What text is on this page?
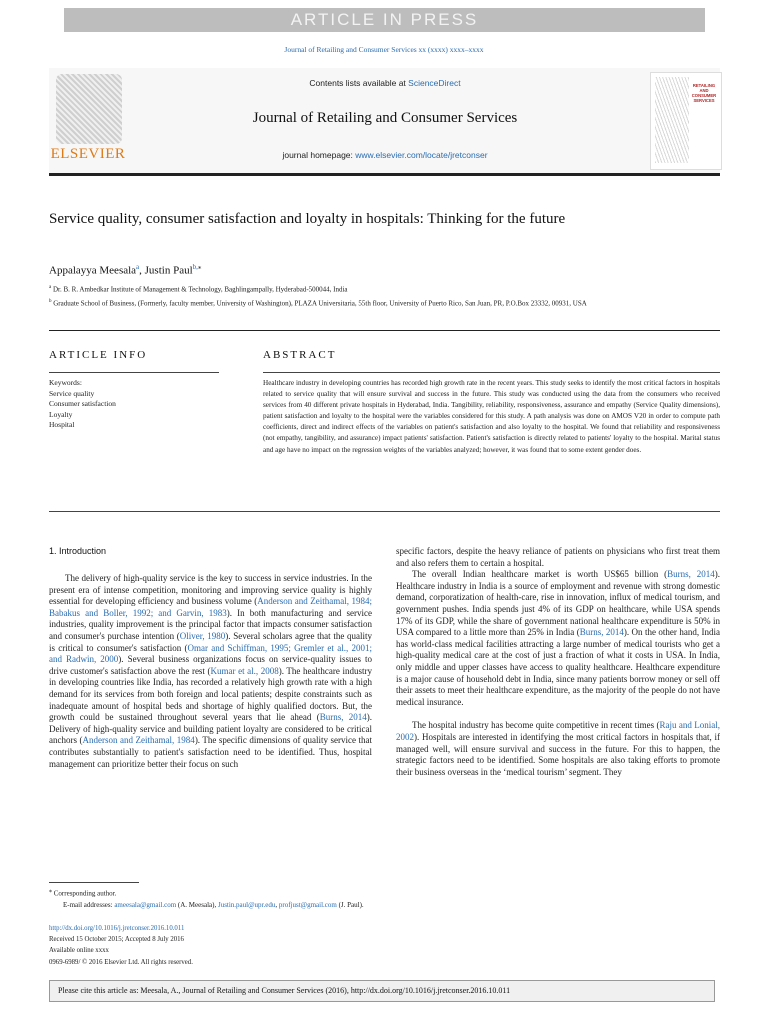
ARTICLE IN PRESS
Journal of Retailing and Consumer Services xx (xxxx) xxxx–xxxx
ELSEVIER
Contents lists available at ScienceDirect
Journal of Retailing and Consumer Services
journal homepage: www.elsevier.com/locate/jretconser
RETAILING AND CONSUMER SERVICES
Service quality, consumer satisfaction and loyalty in hospitals: Thinking for the future
Appalayya Meesala$^a$, Justin Paul$^{b,⁎}$
$^a$ Dr. B. R. Ambedkar Institute of Management & Technology, Baghlingampally, Hyderabad-500044, India
$^b$ Graduate School of Business, (Formerly, faculty member, University of Washington), PLAZA Universitaria, 55th floor, University of Puerto Rico, San Juan, PR, P.O.Box 23332, 00931, USA
ARTICLE INFO	ABSTRACT
Keywords:
Service quality
Consumer satisfaction
Loyalty
Hospital
Healthcare industry in developing countries has recorded high growth rate in the recent years. This study seeks to identify the most critical factors in hospitals related to service quality that will ensure survival and success in the future. This study was conducted using the data from the consumers who received services from 40 different private hospitals in Hyderabad, India. Tangibility, reliability, responsiveness, assurance and empathy (Service Quality dimensions), patient satisfaction and loyalty to the hospital were the variables considered for this study. A path analysis was done on AMOS V20 in order to compute path coefficients, direct and indirect effects of the variables on patient's satisfaction and also loyalty to the hospital. We found that reliability and responsiveness (not empathy, tangibility, and assurance) impact patients' satisfaction. Patient's satisfaction is directly related to patients' loyalty to the hospital. Marital status and age have no impact on the regression weights of the variables analyzed; however, it was found that to some extent gender does.
1. Introduction

The delivery of high-quality service is the key to success in service industries. In the present era of intense competition, monitoring and improving service quality is highly essential for developing efficiency and business volume (Anderson and Zeithamal, 1984; Babakus and Boller, 1992; and Garvin, 1983). In both manufacturing and service industries, quality improvement is the principal factor that impacts consumer satisfaction and consumer's purchase intention (Oliver, 1980). Several scholars agree that the quality is critical to consumer's satisfaction (Omar and Schiffman, 1995; Gremler et al., 2001; and Radwin, 2000). Several business organizations focus on service-quality issues to drive customer's satisfaction above the rest (Kumar et al., 2008). The healthcare industry in developing countries like India, has recorded a relatively high growth rate with a high demand for its services from both foreign and local patients; despite constraints such as inadequate amount of hospital beds and shortage of highly qualified doctors. But, the growth could be sustained throughout several years that lie ahead (Burns, 2014). Delivery of high-quality service and building patient loyalty are considered to be critical anchors (Anderson and Zeithamal, 1984). The specific dimensions of quality service that contributes substantially to patient's satisfaction need to be identified. Thus, hospital management can prioritize better their focus on such

specific factors, despite the heavy reliance of patients on physicians who first treat them and also refers them to certain a hospital.

The overall Indian healthcare market is worth US$65 billion (Burns, 2014). Healthcare industry in India is a source of employment and revenue with strong domestic demand, corporatization of health-care, rise in innovation, influx of medical tourism, and government pushes. India spends just 4% of its GDP on healthcare, while USA spends 17% of its GDP, while the share of government national healthcare expenditure is 50% in USA compared to a little more than 25% in India (Burns, 2014). On the other hand, India has world-class medical facilities attracting a large number of medical tourists who get a high-quality medical care at the cost of just a fraction of what it costs in USA. In India, only middle and upper classes have access to quality healthcare. Healthcare expenditure is a major cause of household debt in India, since many patients borrow money or sell off their assets to meet their healthcare expenditure, as the majority of the people do not have medical insurance.

The hospital industry has become quite competitive in recent times (Raju and Lonial, 2002). Hospitals are interested in identifying the most critical factors in hospitals that, if managed well, will ensure survival and success in the future. For this to happen, the strategic factors need to be identified. Some hospitals are also taking efforts to promote their business overseas in the ‘medical tourism’ segment. They

⁎ Corresponding author.
E-mail addresses: ameesala@gmail.com (A. Meesala), Justin.paul@upr.edu, profjust@gmail.com (J. Paul).
http://dx.doi.org/10.1016/j.jretconser.2016.10.011
Received 15 October 2015; Accepted 8 July 2016
Available online xxxx
0969-6989/ © 2016 Elsevier Ltd. All rights reserved.
Please cite this article as: Meesala, A., Journal of Retailing and Consumer Services (2016), http://dx.doi.org/10.1016/j.jretconser.2016.10.011
